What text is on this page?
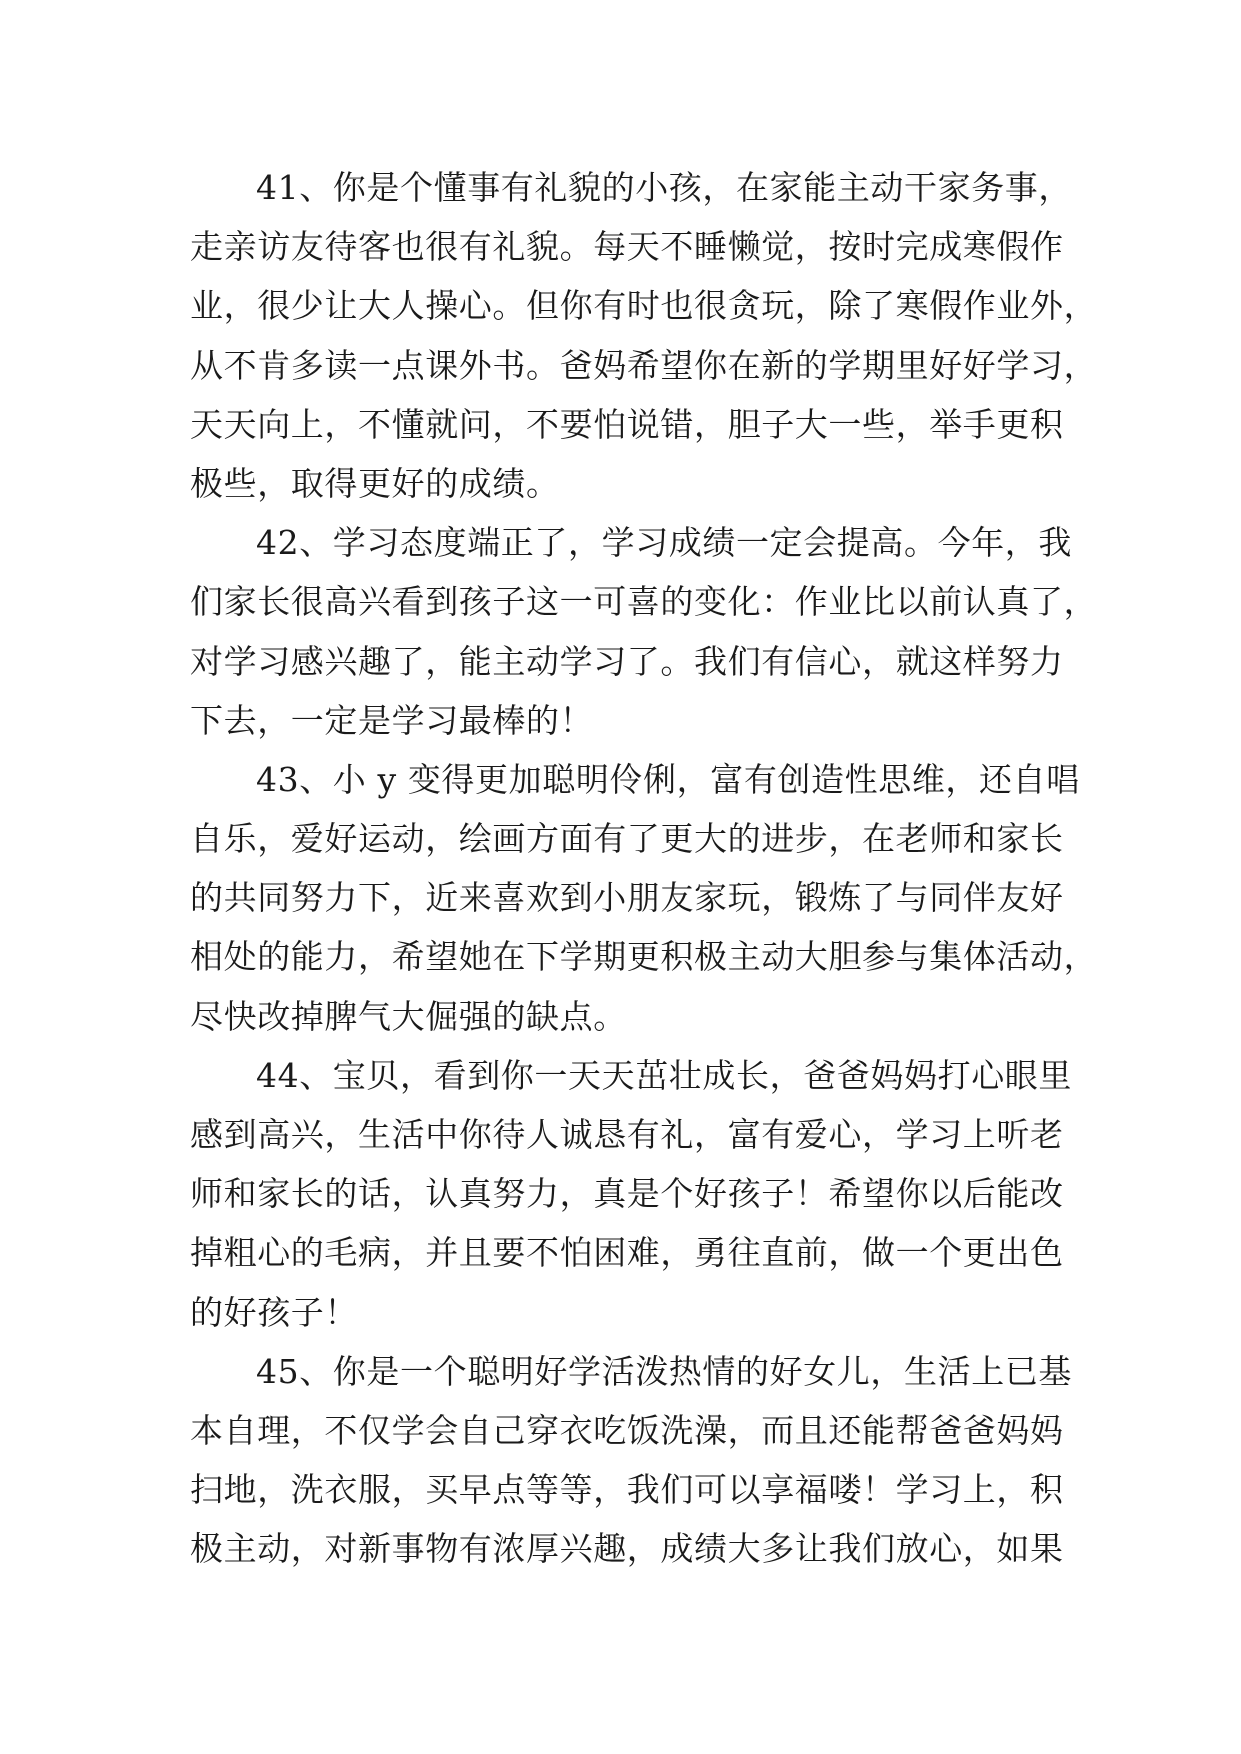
41、你是个懂事有礼貌的小孩，在家能主动干家务事，
走亲访友待客也很有礼貌。每天不睡懒觉，按时完成寒假作
业，很少让大人操心。但你有时也很贪玩，除了寒假作业外，
从不肯多读一点课外书。爸妈希望你在新的学期里好好学习，
天天向上，不懂就问，不要怕说错，胆子大一些，举手更积
极些，取得更好的成绩。
42、学习态度端正了，学习成绩一定会提高。今年，我
们家长很高兴看到孩子这一可喜的变化：作业比以前认真了，
对学习感兴趣了，能主动学习了。我们有信心，就这样努力
下去，一定是学习最棒的！
43、小 y 变得更加聪明伶俐，富有创造性思维，还自唱
自乐，爱好运动，绘画方面有了更大的进步，在老师和家长
的共同努力下，近来喜欢到小朋友家玩，锻炼了与同伴友好
相处的能力，希望她在下学期更积极主动大胆参与集体活动，
尽快改掉脾气大倔强的缺点。
44、宝贝，看到你一天天茁壮成长，爸爸妈妈打心眼里
感到高兴，生活中你待人诚恳有礼，富有爱心，学习上听老
师和家长的话，认真努力，真是个好孩子！希望你以后能改
掉粗心的毛病，并且要不怕困难，勇往直前，做一个更出色
的好孩子！
45、你是一个聪明好学活泼热情的好女儿，生活上已基
本自理，不仅学会自己穿衣吃饭洗澡，而且还能帮爸爸妈妈
扫地，洗衣服，买早点等等，我们可以享福喽！学习上，积
极主动，对新事物有浓厚兴趣，成绩大多让我们放心，如果
